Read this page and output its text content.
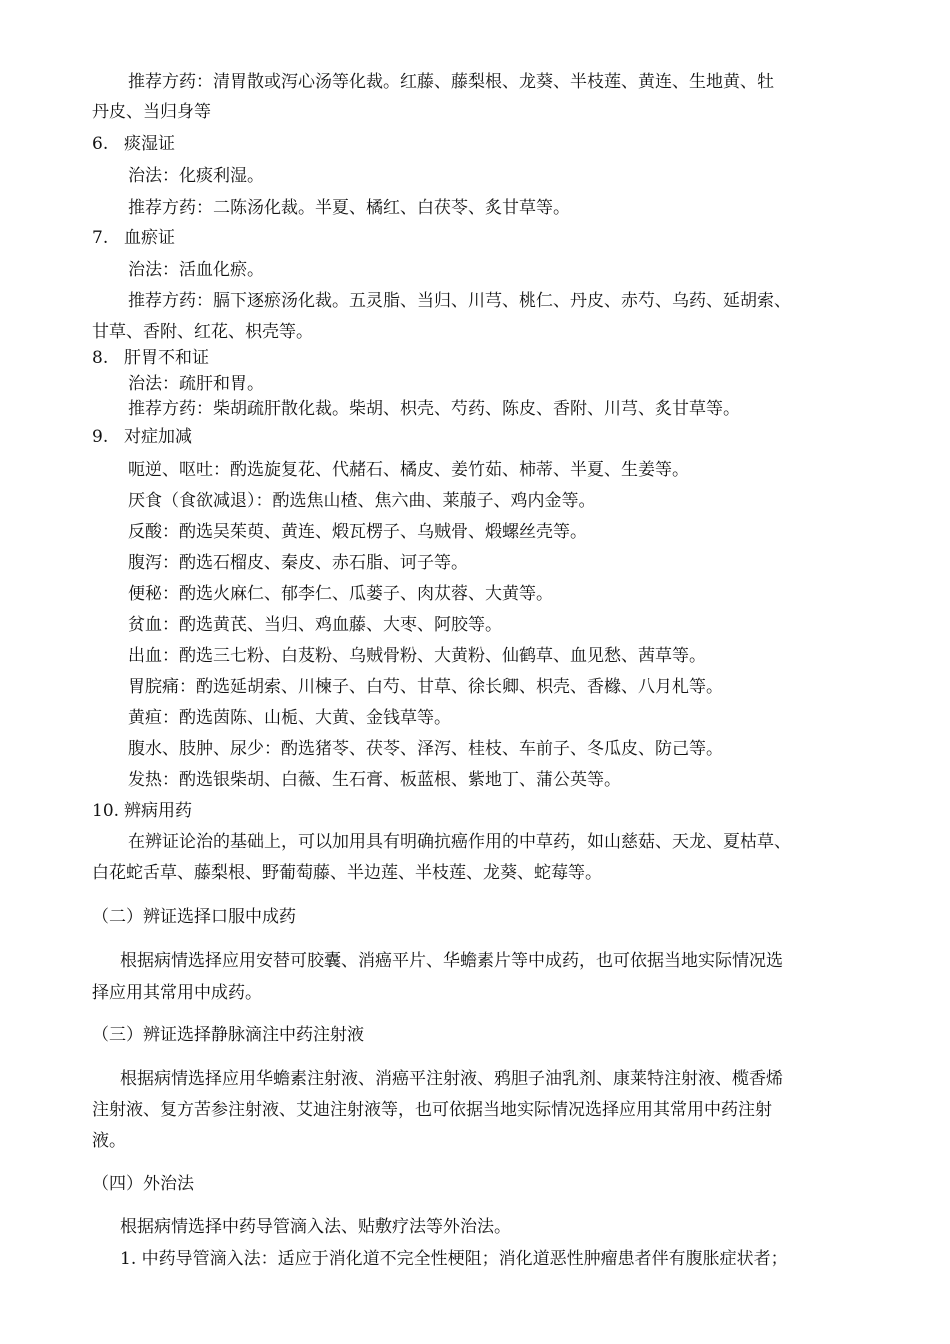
推荐方药：清胃散或泻心汤等化裁。红藤、藤梨根、龙葵、半枝莲、黄连、生地黄、牡
丹皮、当归身等
6. 痰湿证
治法：化痰利湿。
推荐方药：二陈汤化裁。半夏、橘红、白茯苓、炙甘草等。
7. 血瘀证
治法：活血化瘀。
推荐方药：膈下逐瘀汤化裁。五灵脂、当归、川芎、桃仁、丹皮、赤芍、乌药、延胡索、
甘草、香附、红花、枳壳等。
8. 肝胃不和证
治法：疏肝和胃。
推荐方药：柴胡疏肝散化裁。柴胡、枳壳、芍药、陈皮、香附、川芎、炙甘草等。
9. 对症加减
呃逆、呕吐：酌选旋复花、代赭石、橘皮、姜竹茹、柿蒂、半夏、生姜等。
厌食（食欲减退）：酌选焦山楂、焦六曲、莱菔子、鸡内金等。
反酸：酌选吴茱萸、黄连、煅瓦楞子、乌贼骨、煅螺丝壳等。
腹泻：酌选石榴皮、秦皮、赤石脂、诃子等。
便秘：酌选火麻仁、郁李仁、瓜蒌子、肉苁蓉、大黄等。
贫血：酌选黄芪、当归、鸡血藤、大枣、阿胶等。
出血：酌选三七粉、白芨粉、乌贼骨粉、大黄粉、仙鹤草、血见愁、茜草等。
胃脘痛：酌选延胡索、川楝子、白芍、甘草、徐长卿、枳壳、香橼、八月札等。
黄疸：酌选茵陈、山栀、大黄、金钱草等。
腹水、肢肿、尿少：酌选猪苓、茯苓、泽泻、桂枝、车前子、冬瓜皮、防己等。
发热：酌选银柴胡、白薇、生石膏、板蓝根、紫地丁、蒲公英等。
10. 辨病用药
在辨证论治的基础上，可以加用具有明确抗癌作用的中草药，如山慈菇、天龙、夏枯草、
白花蛇舌草、藤梨根、野葡萄藤、半边莲、半枝莲、龙葵、蛇莓等。
（二）辨证选择口服中成药
根据病情选择应用安替可胶囊、消癌平片、华蟾素片等中成药，也可依据当地实际情况选
择应用其常用中成药。
（三）辨证选择静脉滴注中药注射液
根据病情选择应用华蟾素注射液、消癌平注射液、鸦胆子油乳剂、康莱特注射液、榄香烯
注射液、复方苦参注射液、艾迪注射液等，也可依据当地实际情况选择应用其常用中药注射
液。
（四）外治法
根据病情选择中药导管滴入法、贴敷疗法等外治法。
1. 中药导管滴入法：适应于消化道不完全性梗阻；消化道恶性肿瘤患者伴有腹胀症状者；
